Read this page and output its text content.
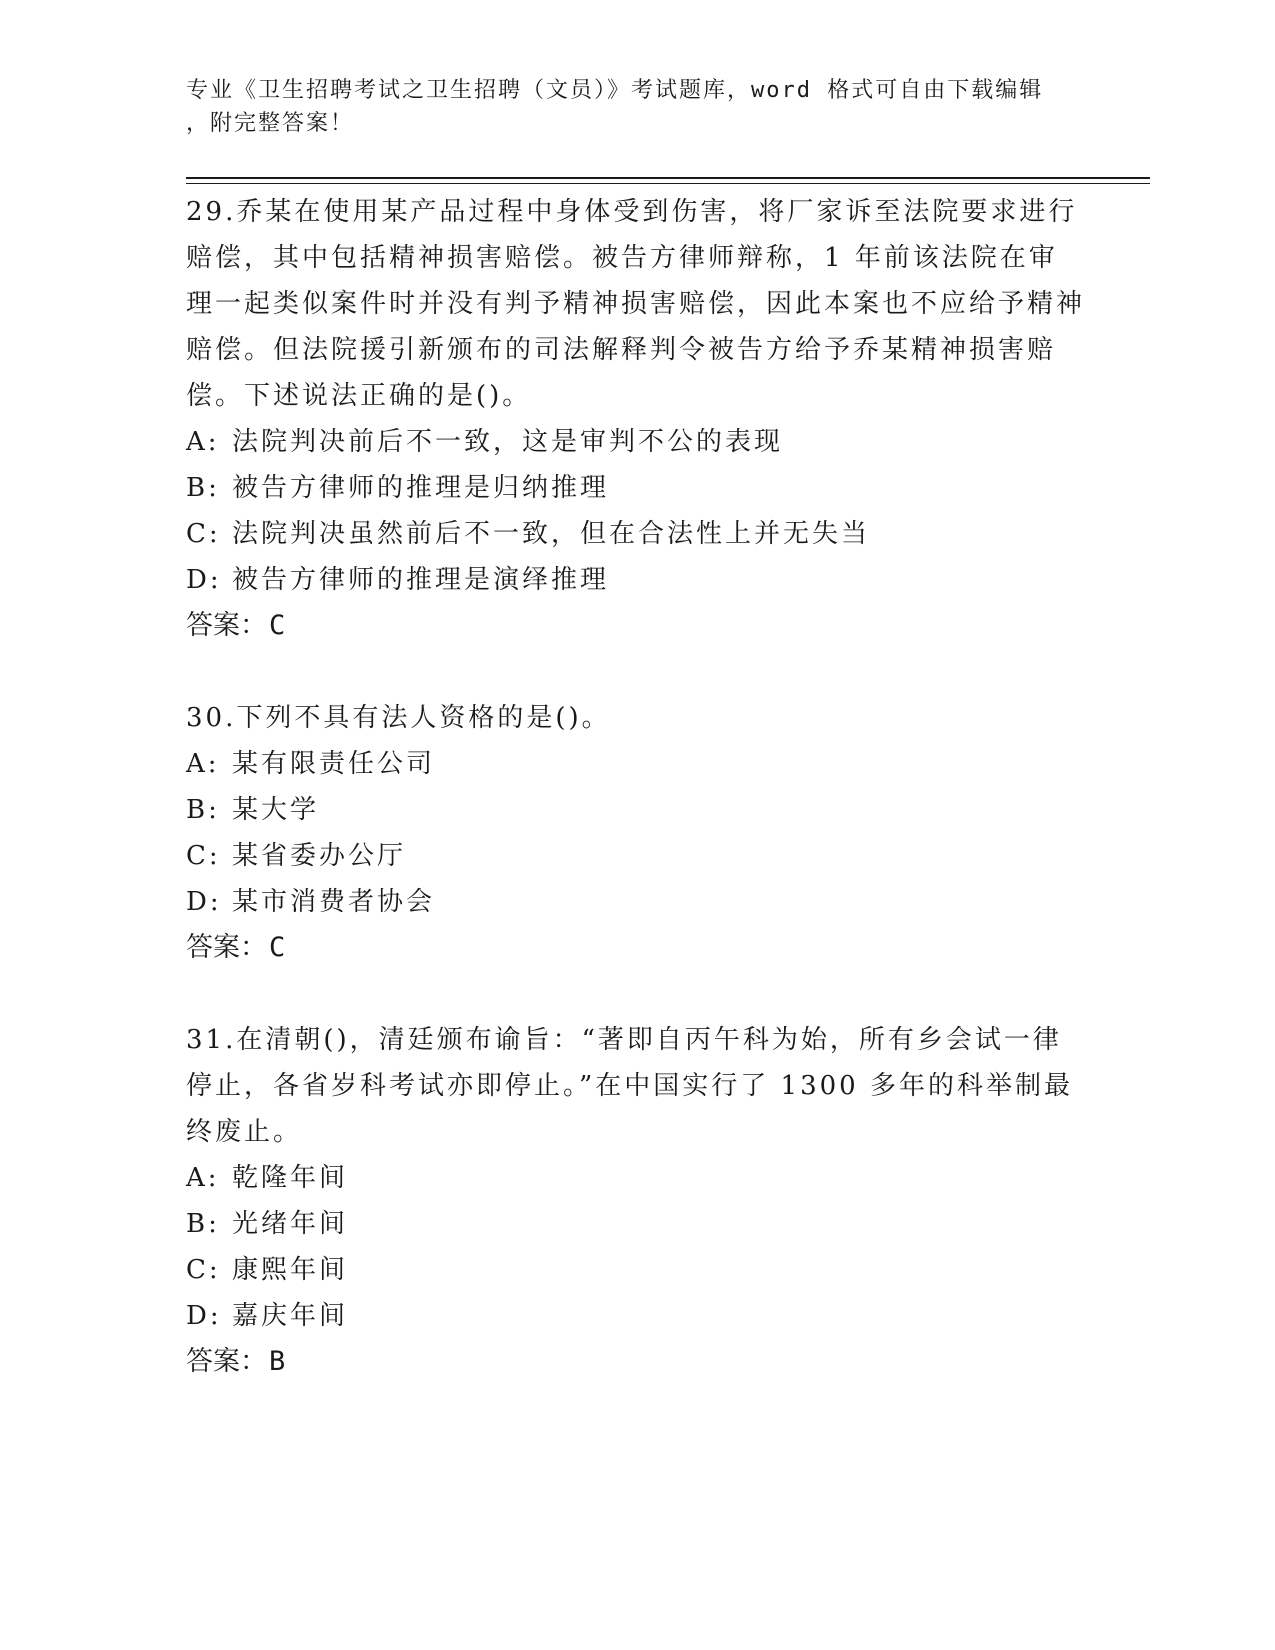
专业《卫生招聘考试之卫生招聘（文员）》考试题库，word 格式可自由下载编辑
，附完整答案！

29.乔某在使用某产品过程中身体受到伤害，将厂家诉至法院要求进行赔偿，其中包括精神损害赔偿。被告方律师辩称，1 年前该法院在审理一起类似案件时并没有判予精神损害赔偿，因此本案也不应给予精神赔偿。但法院援引新颁布的司法解释判令被告方给予乔某精神损害赔偿。下述说法正确的是()。

A: 法院判决前后不一致，这是审判不公的表现

B: 被告方律师的推理是归纳推理

C: 法院判决虽然前后不一致，但在合法性上并无失当

D: 被告方律师的推理是演绎推理

答案：C

30.下列不具有法人资格的是()。

A: 某有限责任公司

B: 某大学

C: 某省委办公厅

D: 某市消费者协会

答案：C

31.在清朝()，清廷颁布谕旨：“著即自丙午科为始，所有乡会试一律停止，各省岁科考试亦即停止。”在中国实行了 1300 多年的科举制最终废止。

A: 乾隆年间

B: 光绪年间

C: 康熙年间

D: 嘉庆年间

答案：B
